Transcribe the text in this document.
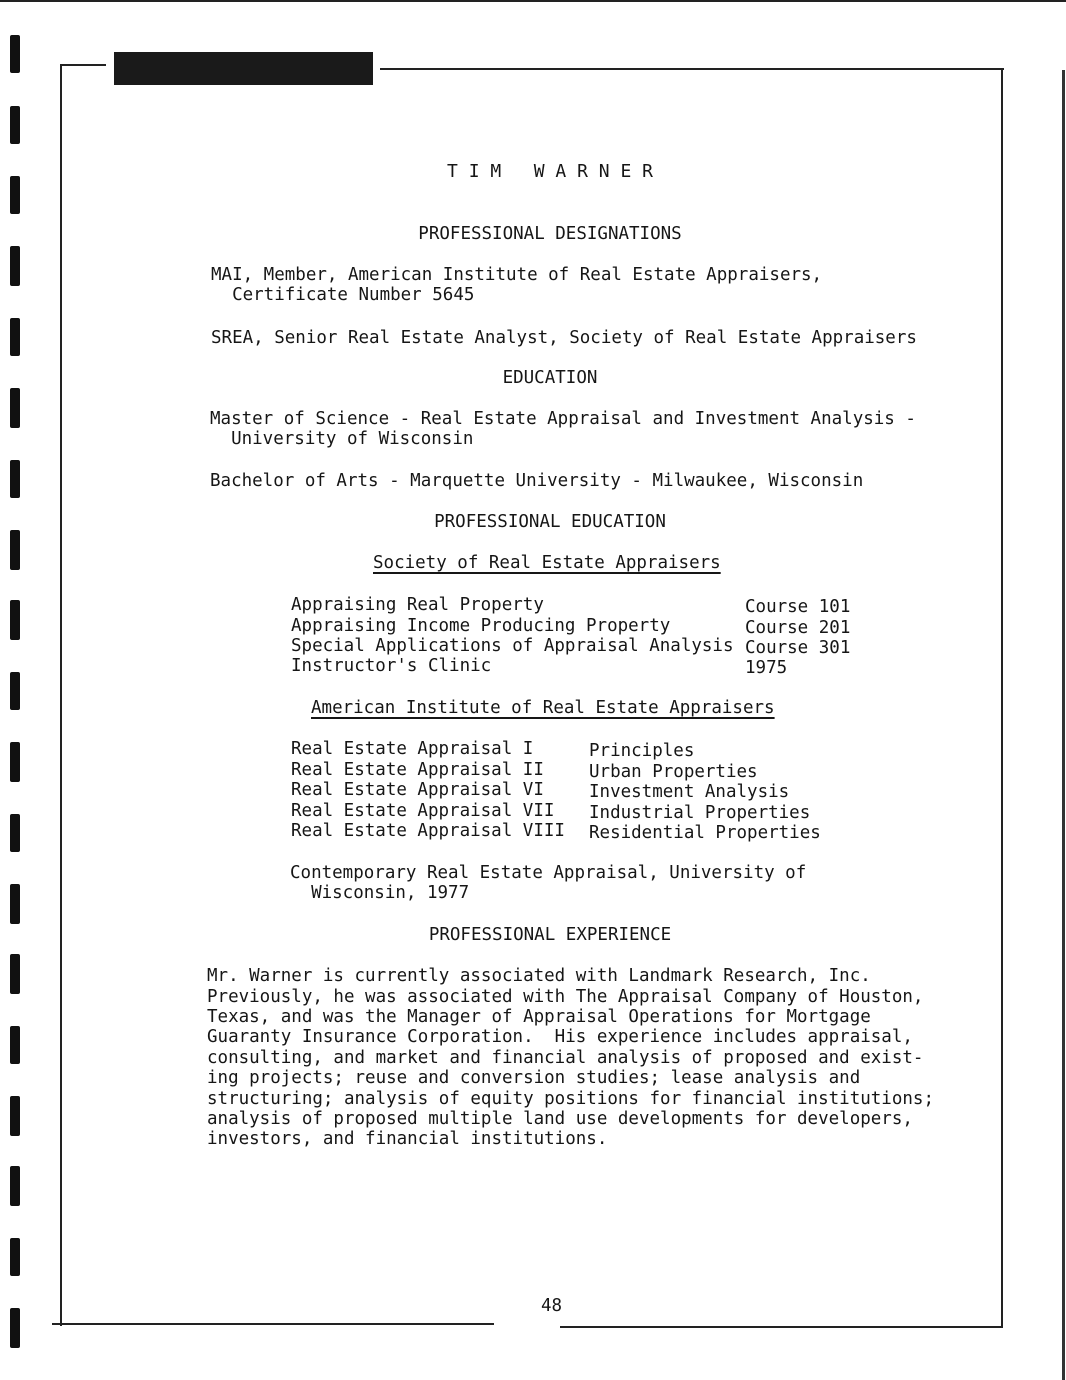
T I M   W A R N E R
PROFESSIONAL DESIGNATIONS
MAI, Member, American Institute of Real Estate Appraisers,
Certificate Number 5645
SREA, Senior Real Estate Analyst, Society of Real Estate Appraisers
EDUCATION
Master of Science - Real Estate Appraisal and Investment Analysis -
University of Wisconsin
Bachelor of Arts - Marquette University - Milwaukee, Wisconsin
PROFESSIONAL EDUCATION
Society of Real Estate Appraisers
Appraising Real Property	Course 101
Appraising Income Producing Property	Course 201
Special Applications of Appraisal Analysis Course 301
Instructor's Clinic	1975
American Institute of Real Estate Appraisers
Real Estate Appraisal I	Principles
Real Estate Appraisal II	Urban Properties
Real Estate Appraisal VI	Investment Analysis
Real Estate Appraisal VII Industrial Properties
Real Estate Appraisal VIII Residential Properties
Contemporary Real Estate Appraisal, University of
Wisconsin, 1977
PROFESSIONAL EXPERIENCE
Mr. Warner is currently associated with Landmark Research, Inc.
Previously, he was associated with The Appraisal Company of Houston,
Texas, and was the Manager of Appraisal Operations for Mortgage
Guaranty Insurance Corporation.  His experience includes appraisal,
consulting, and market and financial analysis of proposed and exist-
ing projects; reuse and conversion studies; lease analysis and
structuring; analysis of equity positions for financial institutions;
analysis of proposed multiple land use developments for developers,
investors, and financial institutions.
48
